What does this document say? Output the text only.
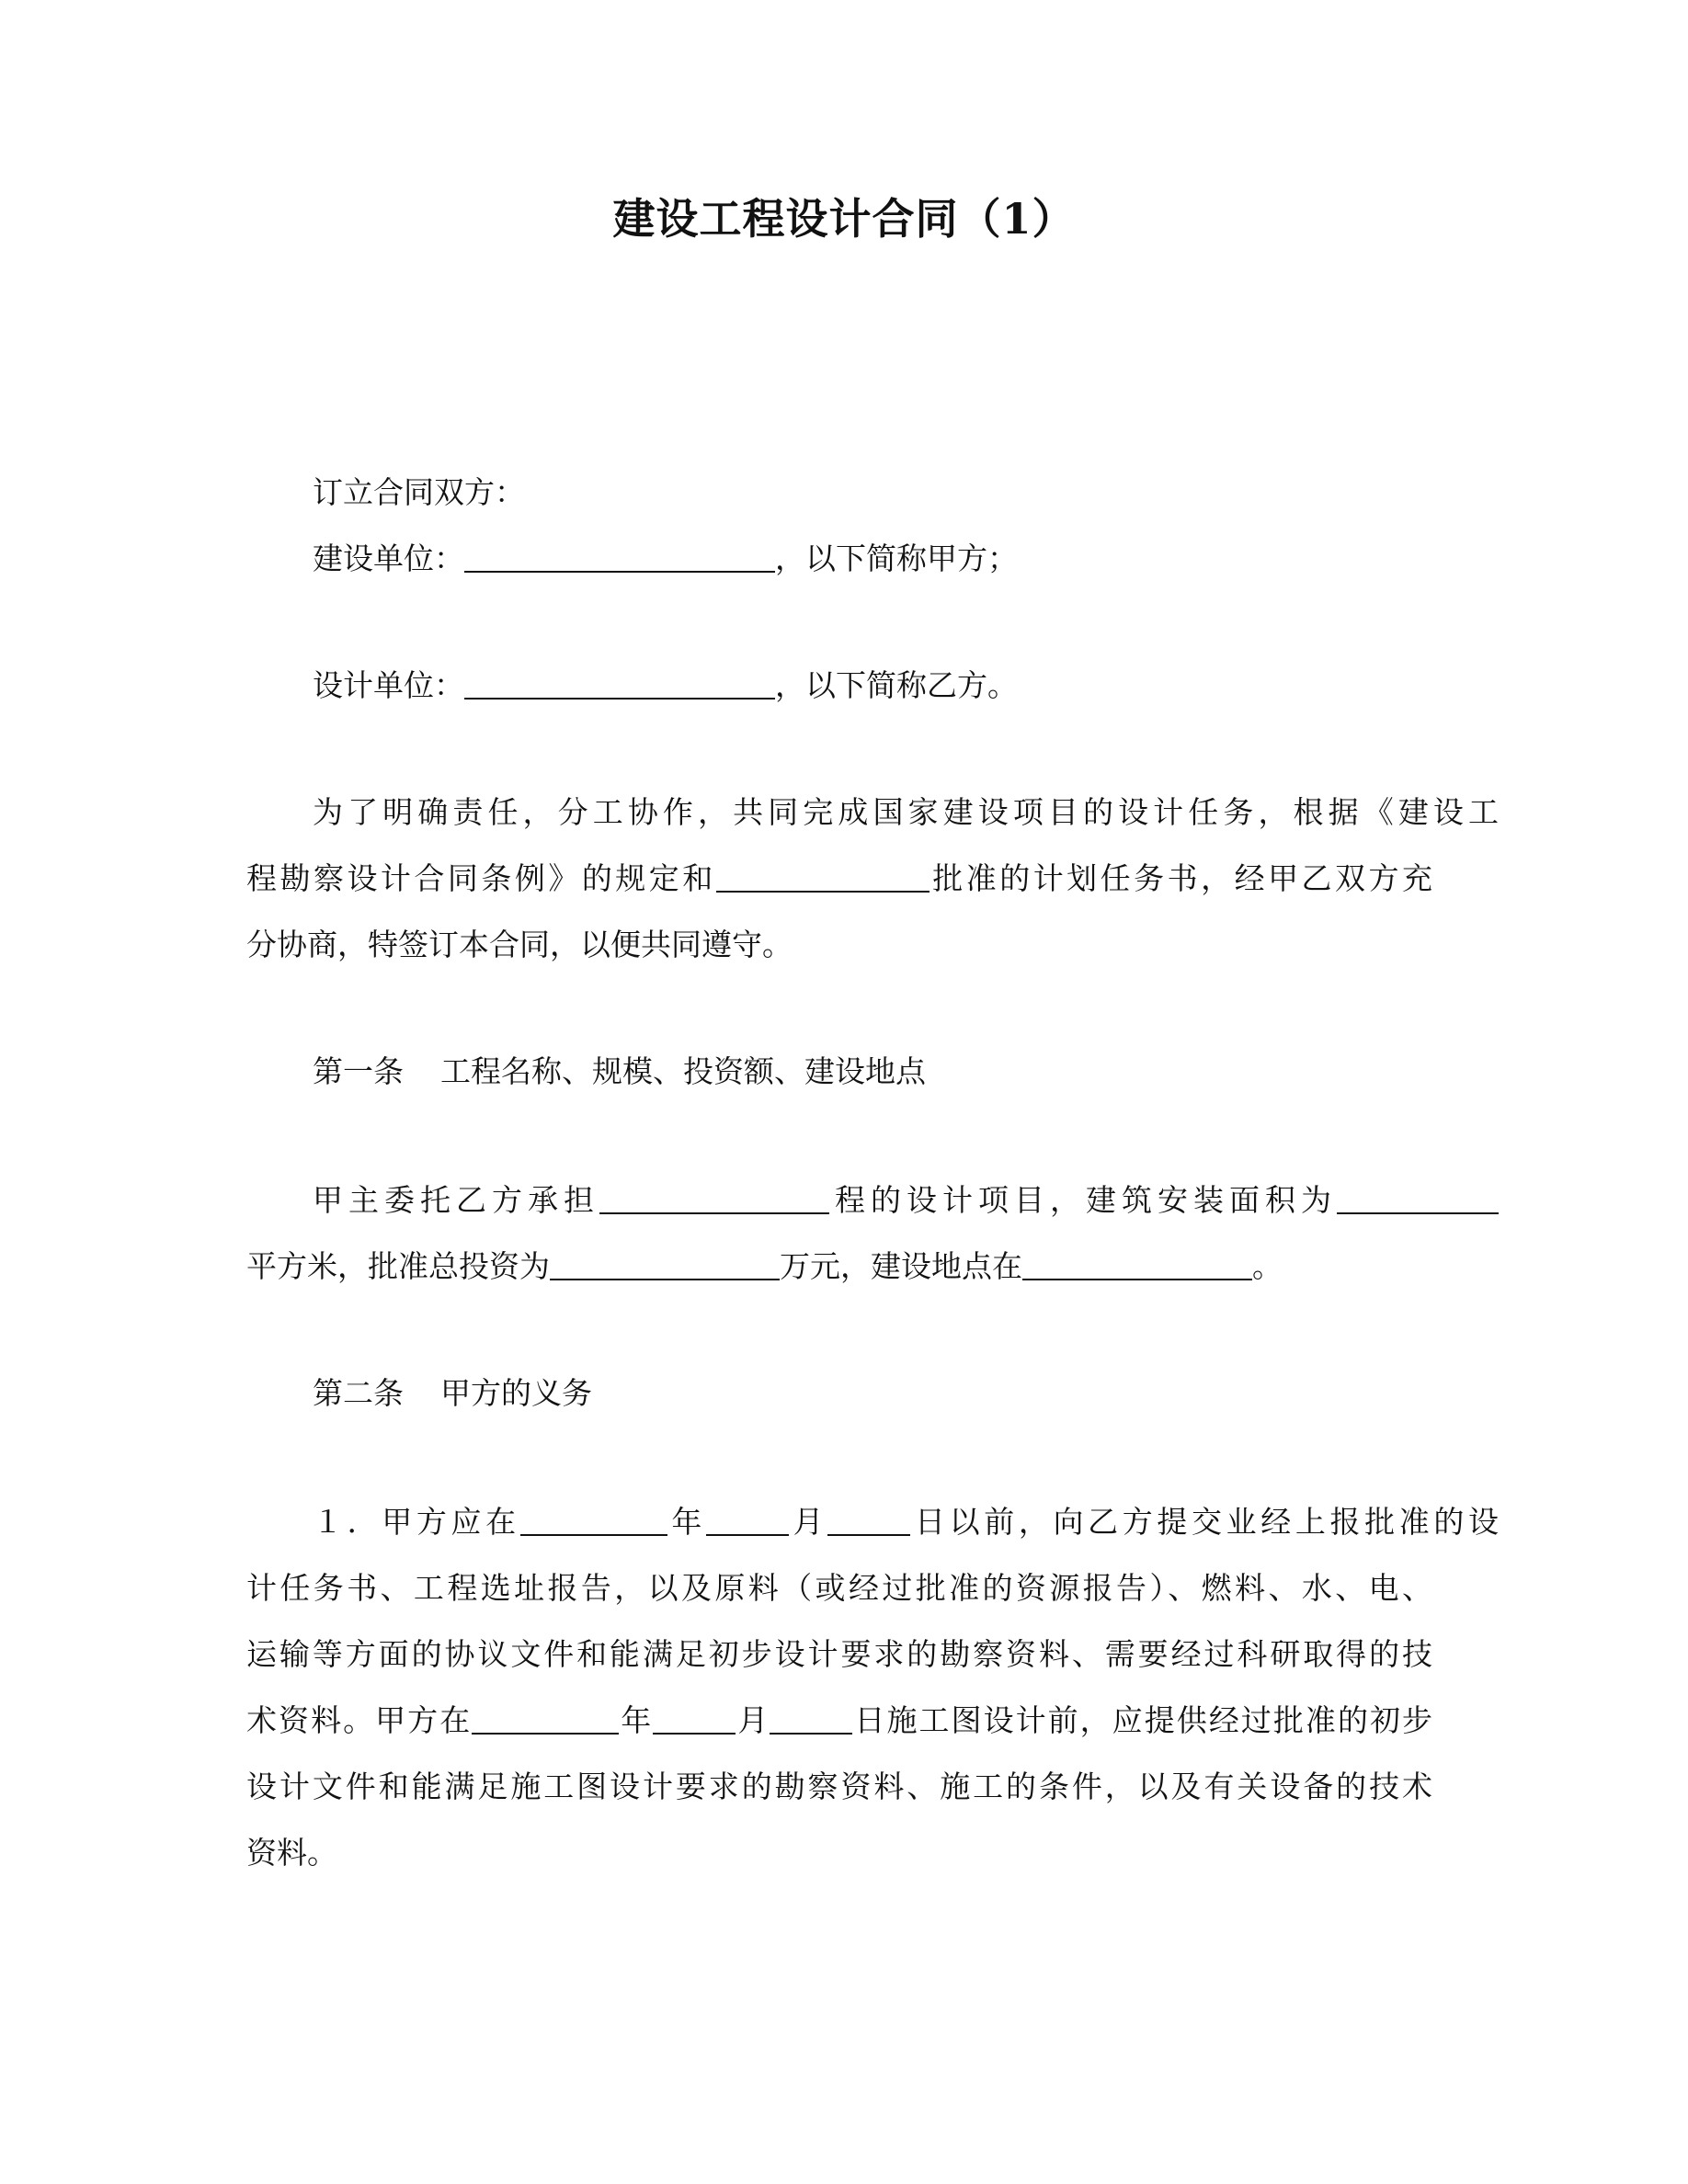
建设工程设计合同（1）
订立合同双方：
建设单位：	，以下简称甲方；
设计单位：	，以下简称乙方。
为了明确责任，分工协作，共同完成国家建设项目的设计任务，根据《建设工
程勘察设计合同条例》的规定和	批准的计划任务书，经甲乙双方充
分协商，特签订本合同，以便共同遵守。
第一条 工程名称、规模、投资额、建设地点
甲主委托乙方承担	程的设计项目，建筑安装面积为
平方米，批准总投资为	万元，建设地点在	。
第二条 甲方的义务
１．甲方应在	年	月	日以前，向乙方提交业经上报批准的设
计任务书、工程选址报告，以及原料（或经过批准的资源报告）、燃料、水、电、
运输等方面的协议文件和能满足初步设计要求的勘察资料、需要经过科研取得的技
术资料。甲方在	年	月	日施工图设计前，应提供经过批准的初步
设计文件和能满足施工图设计要求的勘察资料、施工的条件，以及有关设备的技术
资料。
